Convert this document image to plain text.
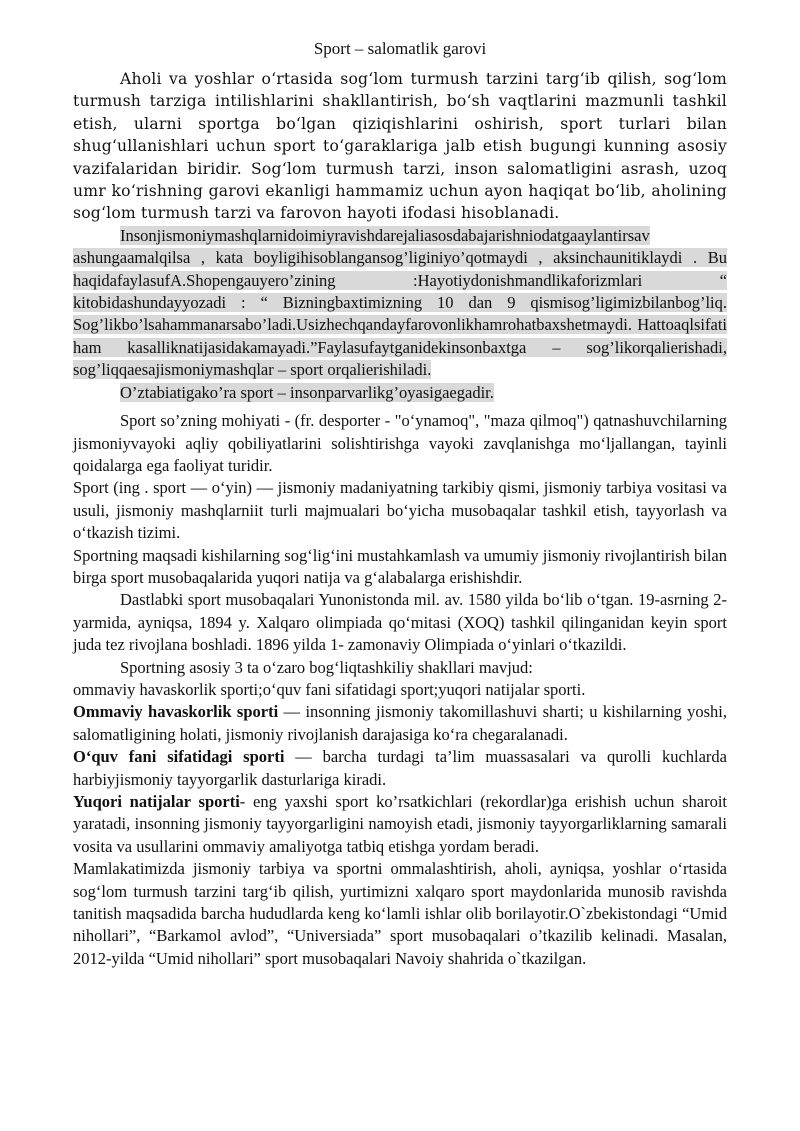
Sport – salomatlik garovi

Aholi va yoshlar o‘rtasida sog‘lom turmush tarzini targ‘ib qilish, sog‘lom turmush tarziga intilishlarini shakllantirish, bo‘sh vaqtlarini mazmunli tashkil etish, ularni sportga bo‘lgan qiziqishlarini oshirish, sport turlari bilan shug‘ullanishlari uchun sport to‘garaklariga jalb etish bugungi kunning asosiy vazifalaridan biridir. Sog‘lom turmush tarzi, inson salomatligini asrash, uzoq umr ko‘rishning garovi ekanligi hammamiz uchun ayon haqiqat bo‘lib, aholining sog‘lom turmush tarzi va farovon hayoti ifodasi hisoblanadi.

Insonjismoniymashqlarnidoimiyravishdarejaliasosdabajarishniodatgaaylantirsav ashungaamalqilsa , kata boyligihisoblangansog’liginiyo’qotmaydi , aksinchaunitiklaydi . Bu haqidafaylasufA.Shopengauyero’zining :Hayotiydonishmandlikaforizmlari “ kitobidashundayyozadi : “ Bizningbaxtimizning 10 dan 9 qismisog’ligimizbilanbog’liq. Sog’likbo’lsahammanarsabo’ladi.Usizhechqandayfarovonlikhamrohatbaxshetmaydi. Hattoaqlsifati ham kasalliknatijasidakamayadi.”Faylasufaytganidekinsonbaxtga – sog’likorqalierishadi, sog’liqqaesajismoniymashqlar – sport orqalierishiladi.

O’ztabiatigako’ra sport – insonparvarlikg’oyasigaegadir.

Sport so’zning mohiyati - (fr. desporter - "o‘ynamoq", "maza qilmoq") qatnashuvchilarning jismoniyvayoki aqliy qobiliyatlarini solishtirishga vayoki zavqlanishga mo‘ljallangan, tayinli qoidalarga ega faoliyat turidir.

Sport (ing . sport — o‘yin) — jismoniy madaniyatning tarkibiy qismi, jismoniy tarbiya vositasi va usuli, jismoniy mashqlarniit turli majmualari bo‘yicha musobaqalar tashkil etish, tayyorlash va o‘tkazish tizimi.

Sportning maqsadi kishilarning sog‘lig‘ini mustahkamlash va umumiy jismoniy rivojlantirish bilan birga sport musobaqalarida yuqori natija va g‘alabalarga erishishdir.

Dastlabki sport musobaqalari Yunonistonda mil. av. 1580 yilda bo‘lib o‘tgan. 19-asrning 2-yarmida, ayniqsa, 1894 y. Xalqaro olimpiada qo‘mitasi (XOQ) tashkil qilinganidan keyin sport juda tez rivojlana boshladi. 1896 yilda 1- zamonaviy Olimpiada o‘yinlari o‘tkazildi.

Sportning asosiy 3 ta o‘zaro bog‘liqtashkiliy shakllari mavjud:

ommaviy havaskorlik sporti;o‘quv fani sifatidagi sport;yuqori natijalar sporti.

Ommaviy havaskorlik sporti — insonning jismoniy takomillashuvi sharti; u kishilarning yoshi, salomatligining holati, jismoniy rivojlanish darajasiga ko‘ra chegaralanadi.

O‘quv fani sifatidagi sporti — barcha turdagi ta’lim muassasalari va qurolli kuchlarda harbiyjismoniy tayyorgarlik dasturlariga kiradi.

Yuqori natijalar sporti- eng yaxshi sport ko’rsatkichlari (rekordlar)ga erishish uchun sharoit yaratadi, insonning jismoniy tayyorgarligini namoyish etadi, jismoniy tayyorgarliklarning samarali vosita va usullarini ommaviy amaliyotga tatbiq etishga yordam beradi.

Mamlakatimizda jismoniy tarbiya va sportni ommalashtirish, aholi, ayniqsa, yoshlar o‘rtasida sog‘lom turmush tarzini targ‘ib qilish, yurtimizni xalqaro sport maydonlarida munosib ravishda tanitish maqsadida barcha hududlarda keng ko‘lamli ishlar olib borilayotir.O`zbekistondagi “Umid nihollari”, “Barkamol avlod”, “Universiada” sport musobaqalari o’tkazilib kelinadi. Masalan, 2012-yilda “Umid nihollari” sport musobaqalari Navoiy shahrida o`tkazilgan.
